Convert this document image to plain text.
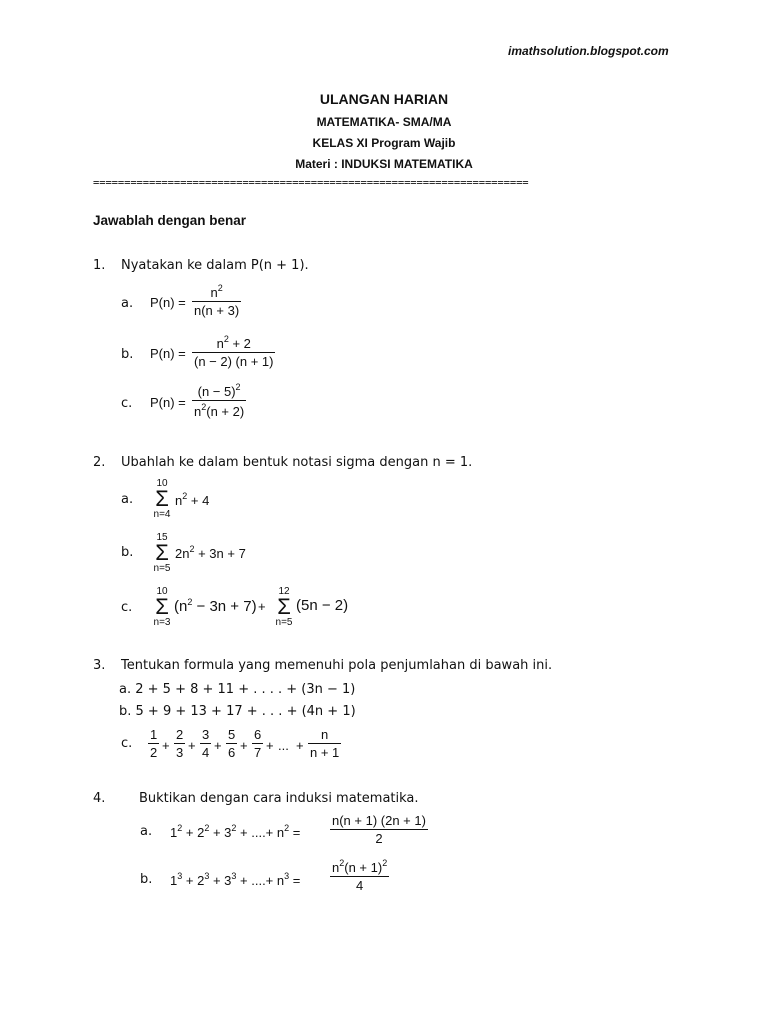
imathsolution.blogspot.com
ULANGAN HARIAN
MATEMATIKA- SMA/MA
KELAS XI Program Wajib
Materi : INDUKSI MATEMATIKA
======================================================================
Jawablah dengan benar
1. Nyatakan ke dalam P(n + 1).
a. $P(n) = \frac{n^2}{n(n + 3)}$
b. $P(n) = \frac{n^2 + 2}{(n - 2) (n + 1)}$
c. $P(n) = \frac{(n - 5)^2}{n^2(n + 2)}$
2. Ubahlah ke dalam bentuk notasi sigma dengan n = 1.
a.
10
Σ
n=4
$n^2 + 4$
b.
15
Σ
n=5
$2n^2 + 3n + 7$
c.
10
Σ
n=3
$(n^2 - 3n + 7)$ +
12
Σ
n=5
(5n − 2)
3. Tentukan formula yang memenuhi pola penjumlahan di bawah ini.
a. 2 + 5 + 8 + 11 + . . . . + (3n − 1)
b. 5 + 9 + 13 + 17 + . . . + (4n + 1)
c. $\frac{1}{2} + \frac{2}{3} + \frac{3}{4} + \frac{5}{6} + \frac{6}{7}$ + ... + $\frac{n}{n + 1}$
4.	Buktikan dengan cara induksi matematika.
a. $1^2 + 2^2 + 3^2$ + ....+ $n^2 = \frac{n(n + 1) (2n + 1)}{2}$
b. $1^3 + 2^3 + 3^3$ + ....+ $n^3 = \frac{n^2(n + 1)^2}{4}$
